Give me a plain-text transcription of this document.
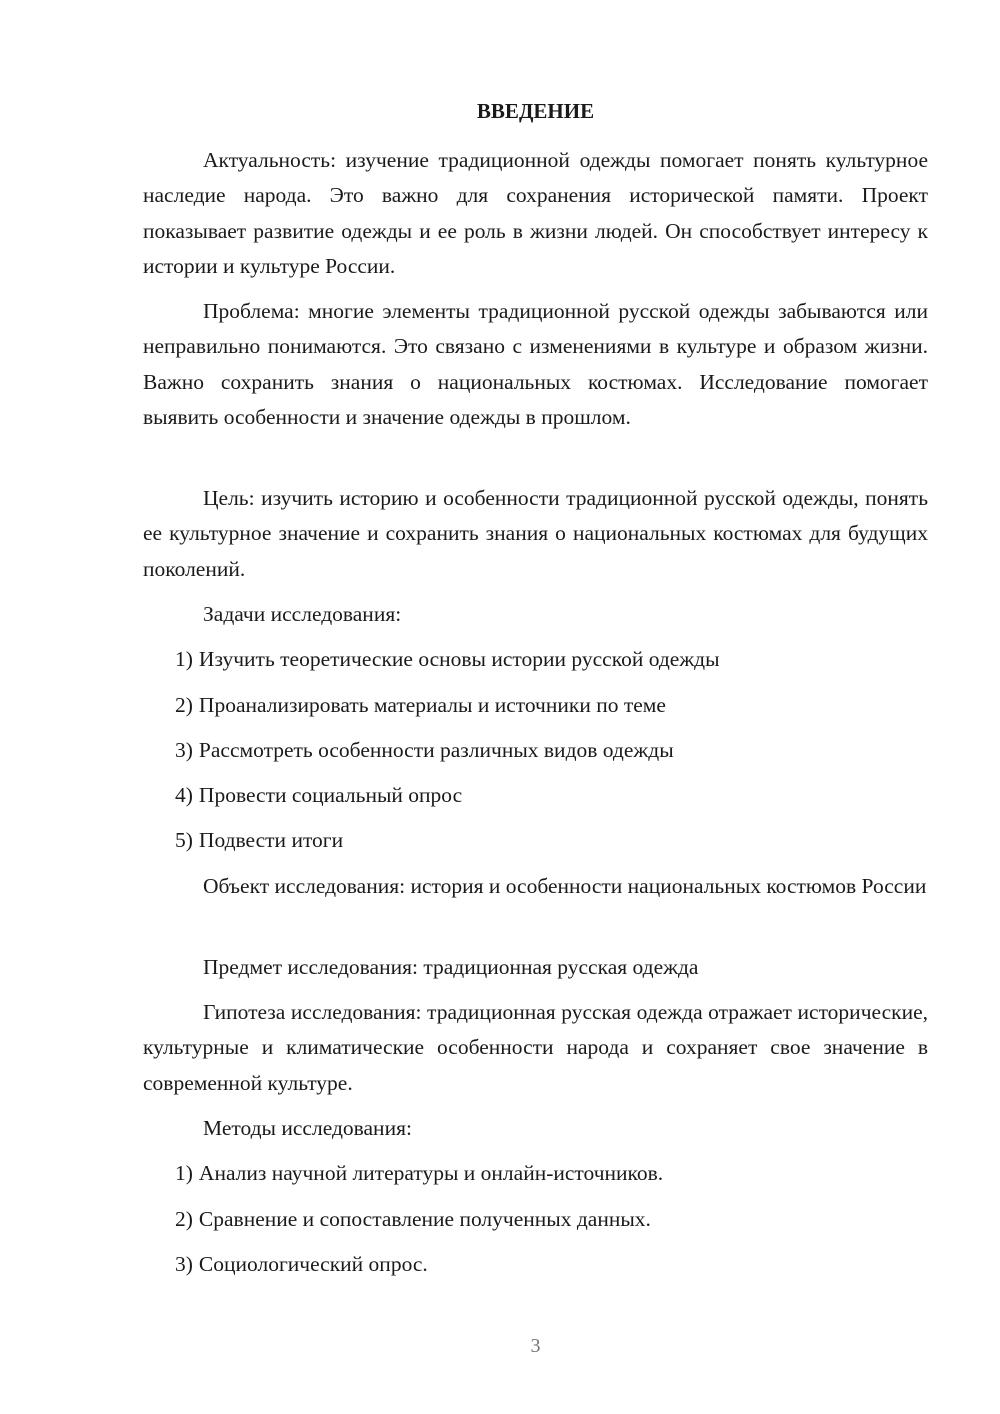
ВВЕДЕНИЕ

Актуальность: изучение традиционной одежды помогает понять культурное наследие народа. Это важно для сохранения исторической памяти. Проект показывает развитие одежды и ее роль в жизни людей. Он способствует интересу к истории и культуре России.

Проблема: многие элементы традиционной русской одежды забываются или неправильно понимаются. Это связано с изменениями в культуре и образом жизни. Важно сохранить знания о национальных костюмах. Исследование помогает выявить особенности и значение одежды в прошлом.

Цель: изучить историю и особенности традиционной русской одежды, понять ее культурное значение и сохранить знания о национальных костюмах для будущих поколений.

Задачи исследования:

1) Изучить теоретические основы истории русской одежды

2) Проанализировать материалы и источники по теме

3) Рассмотреть особенности различных видов одежды

4) Провести социальный опрос

5) Подвести итоги

Объект исследования: история и особенности национальных костюмов России

Предмет исследования: традиционная русская одежда

Гипотеза исследования: традиционная русская одежда отражает исторические, культурные и климатические особенности народа и сохраняет свое значение в современной культуре.

Методы исследования:

1) Анализ научной литературы и онлайн-источников.

2) Сравнение и сопоставление полученных данных.

3) Социологический опрос.

3
